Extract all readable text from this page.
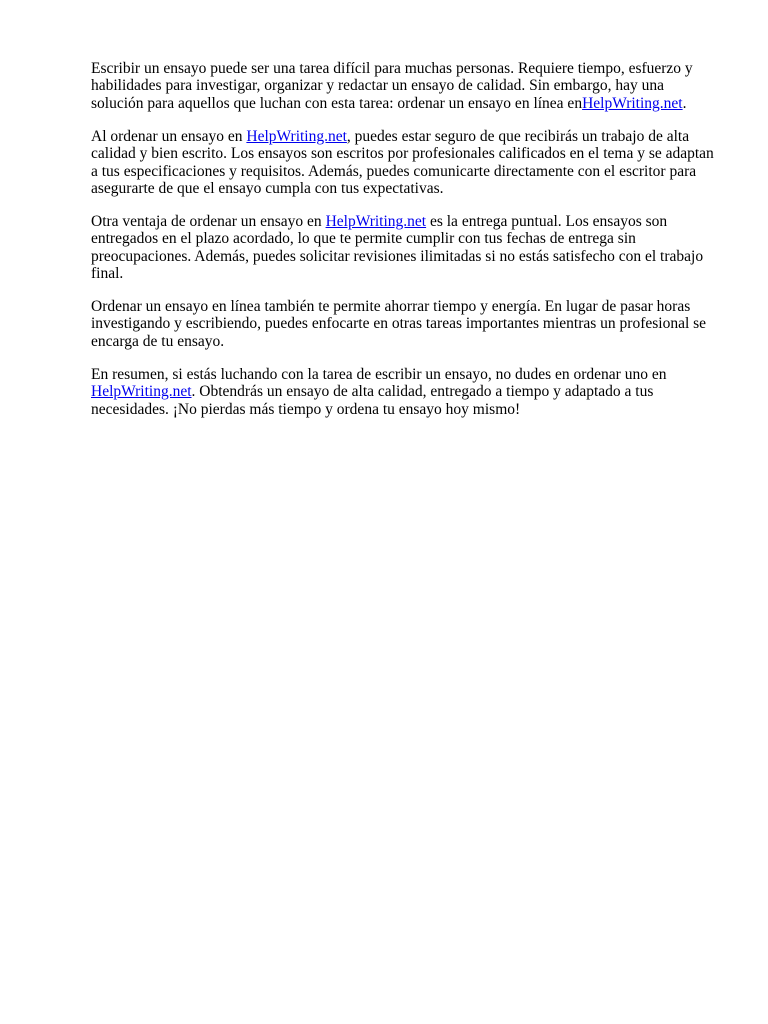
Escribir un ensayo puede ser una tarea difícil para muchas personas. Requiere tiempo, esfuerzo y habilidades para investigar, organizar y redactar un ensayo de calidad. Sin embargo, hay una solución para aquellos que luchan con esta tarea: ordenar un ensayo en línea enHelpWriting.net.

Al ordenar un ensayo en HelpWriting.net, puedes estar seguro de que recibirás un trabajo de alta calidad y bien escrito. Los ensayos son escritos por profesionales calificados en el tema y se adaptan a tus especificaciones y requisitos. Además, puedes comunicarte directamente con el escritor para asegurarte de que el ensayo cumpla con tus expectativas.

Otra ventaja de ordenar un ensayo en HelpWriting.net es la entrega puntual. Los ensayos son entregados en el plazo acordado, lo que te permite cumplir con tus fechas de entrega sin preocupaciones. Además, puedes solicitar revisiones ilimitadas si no estás satisfecho con el trabajo final.

Ordenar un ensayo en línea también te permite ahorrar tiempo y energía. En lugar de pasar horas investigando y escribiendo, puedes enfocarte en otras tareas importantes mientras un profesional se encarga de tu ensayo.

En resumen, si estás luchando con la tarea de escribir un ensayo, no dudes en ordenar uno en HelpWriting.net. Obtendrás un ensayo de alta calidad, entregado a tiempo y adaptado a tus necesidades. ¡No pierdas más tiempo y ordena tu ensayo hoy mismo!
